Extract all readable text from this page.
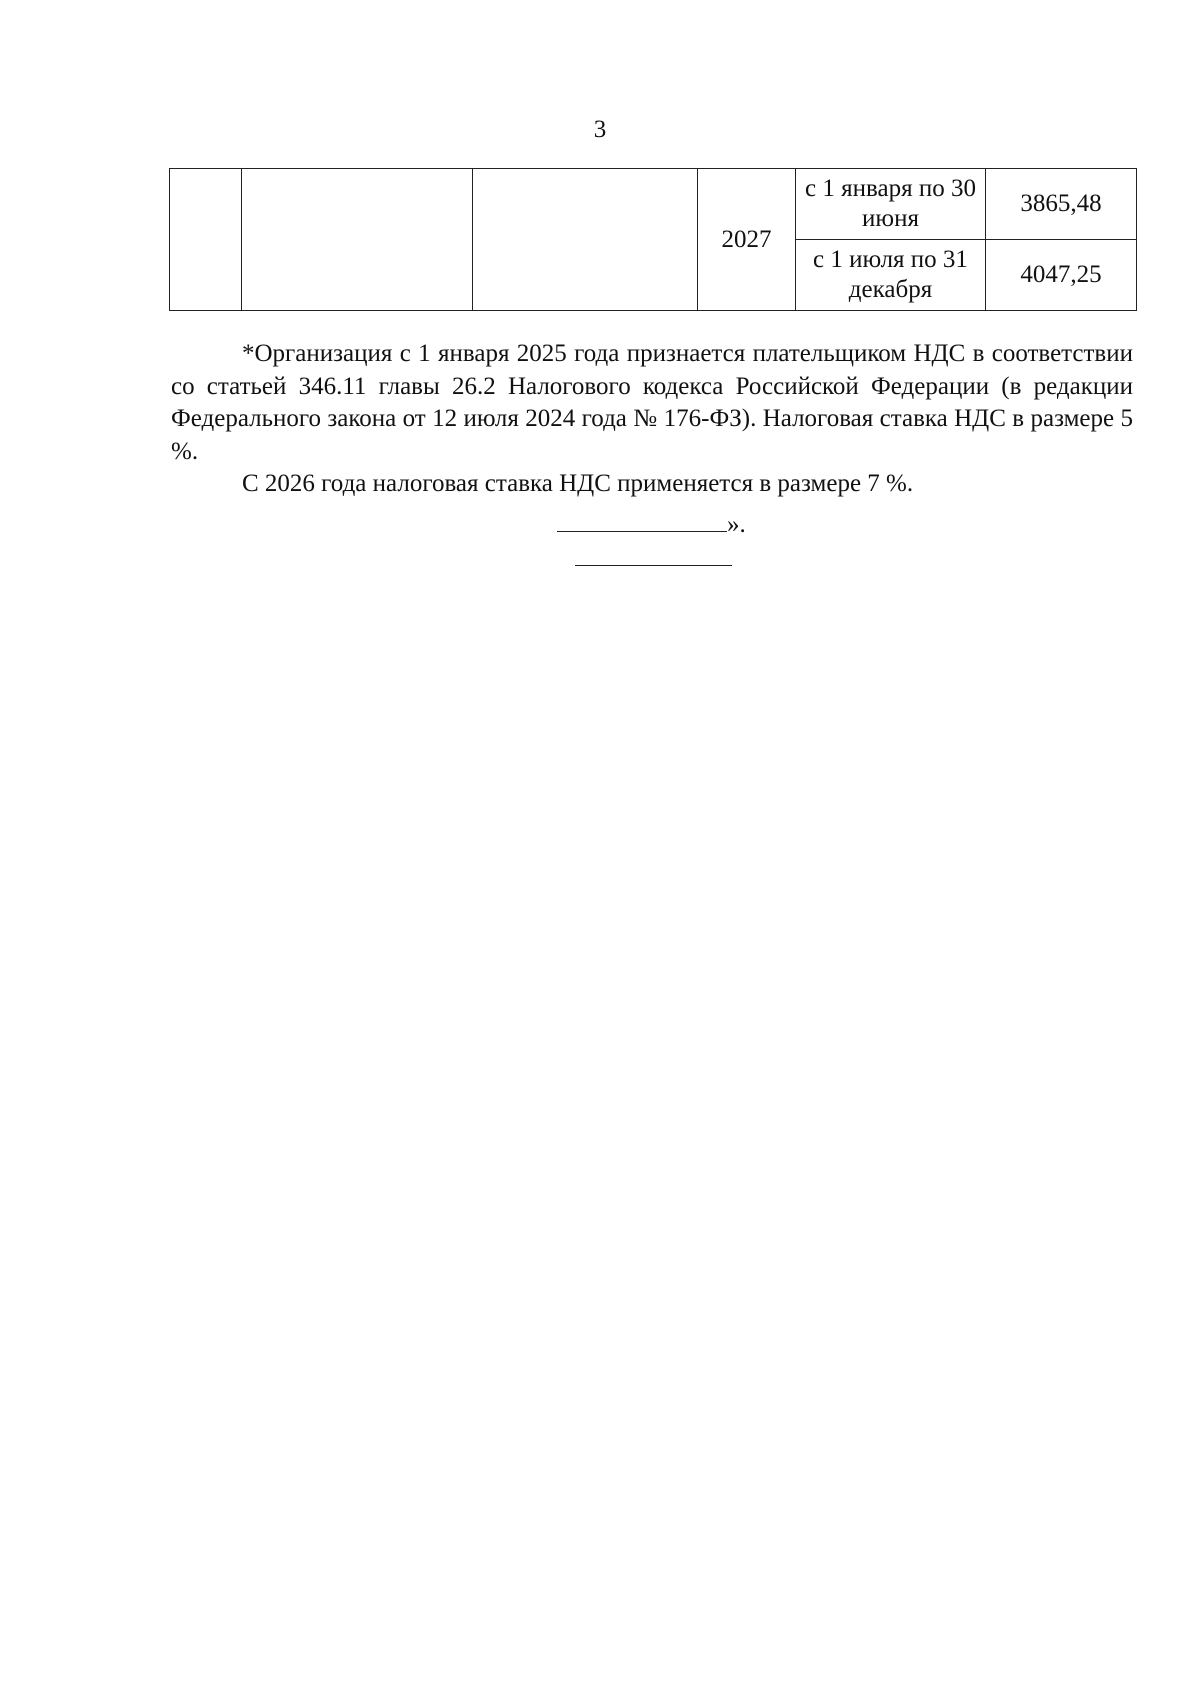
3
			2027	с 1 января по 30 июня	3865,48
				с 1 июля по 31 декабря	4047,25

*Организация с 1 января 2025 года признается плательщиком НДС в соответствии со статьей 346.11 главы 26.2 Налогового кодекса Российской Федерации (в редакции Федерального закона от 12 июля 2024 года № 176-ФЗ). Налоговая ставка НДС в размере 5 %.

С 2026 года налоговая ставка НДС применяется в размере 7 %.

».
